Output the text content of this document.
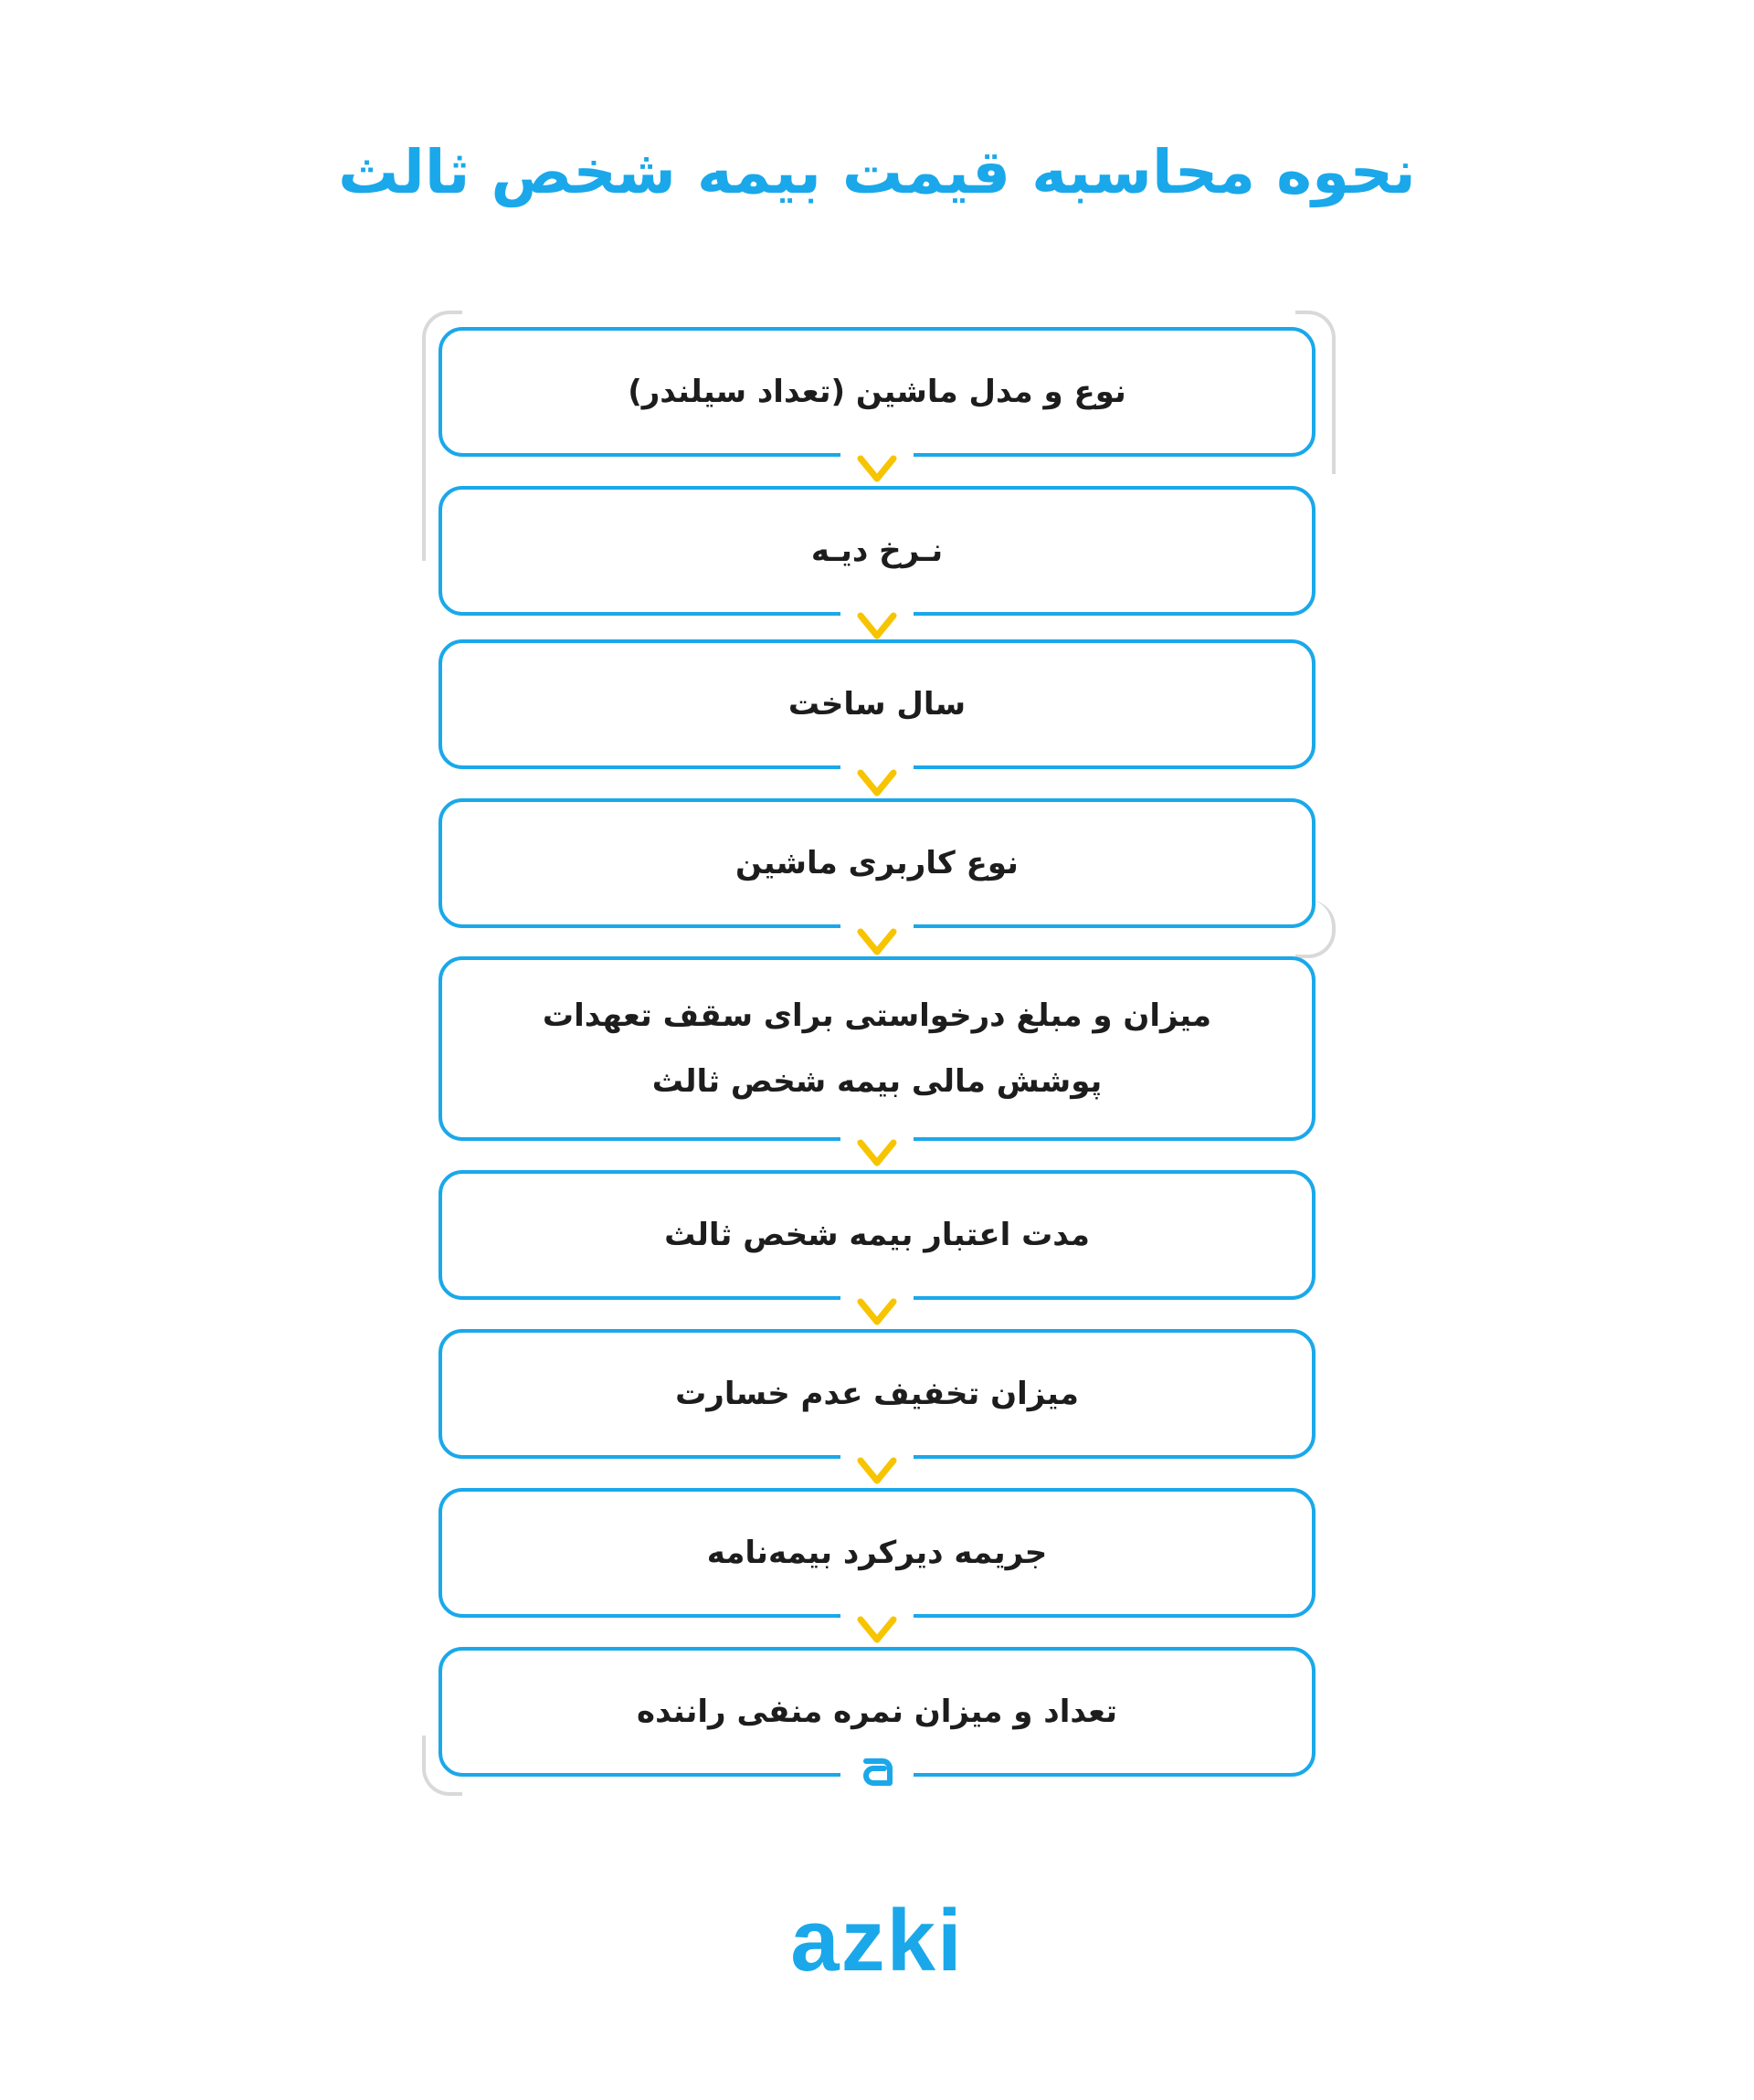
نحوه محاسبه قیمت بیمه شخص ثالث
نوع و مدل ماشین (تعداد سیلندر)
نـرخ دیـه
سال ساخت
نوع کاربری ماشین
میزان و مبلغ درخواستی برای سقف تعهدات پوشش مالی بیمه شخص ثالث
مدت اعتبار بیمه شخص ثالث
میزان تخفیف عدم خسارت
جریمه دیرکرد بیمه‌نامه
تعداد و میزان نمره منفی راننده
azki
